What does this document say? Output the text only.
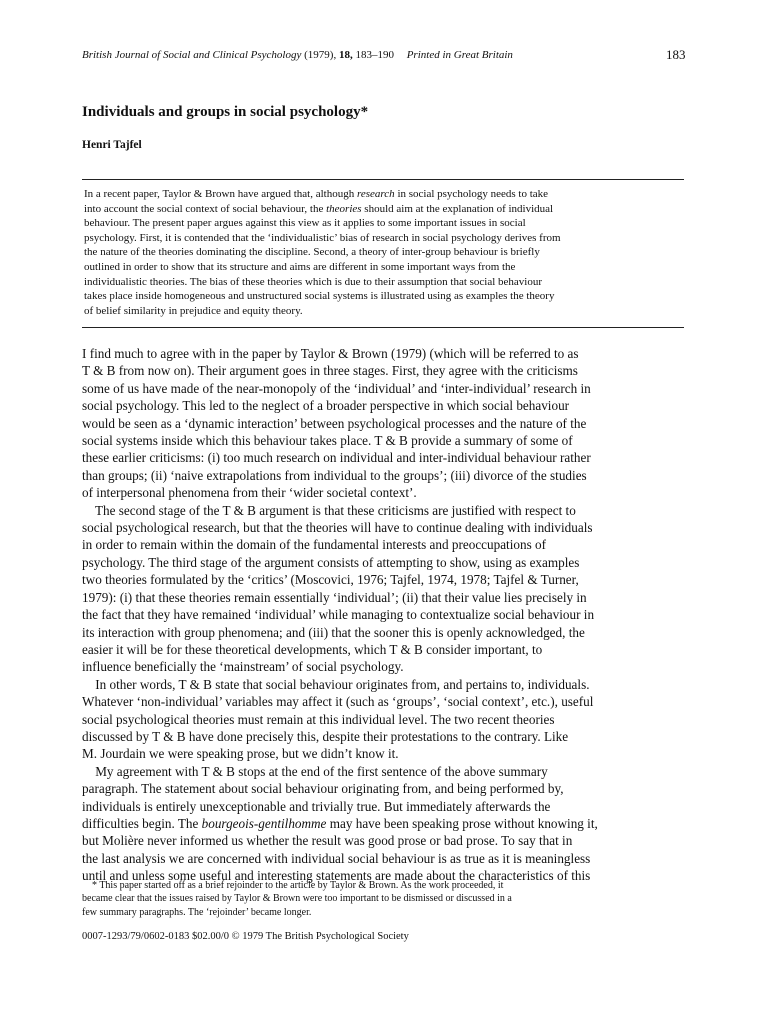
British Journal of Social and Clinical Psychology (1979), 18, 183–190 Printed in Great Britain	183
Individuals and groups in social psychology*
Henri Tajfel
In a recent paper, Taylor & Brown have argued that, although research in social psychology needs to take
into account the social context of social behaviour, the theories should aim at the explanation of individual
behaviour. The present paper argues against this view as it applies to some important issues in social
psychology. First, it is contended that the ‘individualistic’ bias of research in social psychology derives from
the nature of the theories dominating the discipline. Second, a theory of inter-group behaviour is briefly
outlined in order to show that its structure and aims are different in some important ways from the
individualistic theories. The bias of these theories which is due to their assumption that social behaviour
takes place inside homogeneous and unstructured social systems is illustrated using as examples the theory
of belief similarity in prejudice and equity theory.
I find much to agree with in the paper by Taylor & Brown (1979) (which will be referred to as
T & B from now on). Their argument goes in three stages. First, they agree with the criticisms
some of us have made of the near-monopoly of the ‘individual’ and ‘inter-individual’ research in
social psychology. This led to the neglect of a broader perspective in which social behaviour
would be seen as a ‘dynamic interaction’ between psychological processes and the nature of the
social systems inside which this behaviour takes place. T & B provide a summary of some of
these earlier criticisms: (i) too much research on individual and inter-individual behaviour rather
than groups; (ii) ‘naive extrapolations from individual to the groups’; (iii) divorce of the studies
of interpersonal phenomena from their ‘wider societal context’.
The second stage of the T & B argument is that these criticisms are justified with respect to
social psychological research, but that the theories will have to continue dealing with individuals
in order to remain within the domain of the fundamental interests and preoccupations of
psychology. The third stage of the argument consists of attempting to show, using as examples
two theories formulated by the ‘critics’ (Moscovici, 1976; Tajfel, 1974, 1978; Tajfel & Turner,
1979): (i) that these theories remain essentially ‘individual’; (ii) that their value lies precisely in
the fact that they have remained ‘individual’ while managing to contextualize social behaviour in
its interaction with group phenomena; and (iii) that the sooner this is openly acknowledged, the
easier it will be for these theoretical developments, which T & B consider important, to
influence beneficially the ‘mainstream’ of social psychology.
In other words, T & B state that social behaviour originates from, and pertains to, individuals.
Whatever ‘non-individual’ variables may affect it (such as ‘groups’, ‘social context’, etc.), useful
social psychological theories must remain at this individual level. The two recent theories
discussed by T & B have done precisely this, despite their protestations to the contrary. Like
M. Jourdain we were speaking prose, but we didn’t know it.
My agreement with T & B stops at the end of the first sentence of the above summary
paragraph. The statement about social behaviour originating from, and being performed by,
individuals is entirely unexceptionable and trivially true. But immediately afterwards the
difficulties begin. The bourgeois-gentilhomme may have been speaking prose without knowing it,
but Molière never informed us whether the result was good prose or bad prose. To say that in
the last analysis we are concerned with individual social behaviour is as true as it is meaningless
until and unless some useful and interesting statements are made about the characteristics of this
* This paper started off as a brief rejoinder to the article by Taylor & Brown. As the work proceeded, it
became clear that the issues raised by Taylor & Brown were too important to be dismissed or discussed in a
few summary paragraphs. The ‘rejoinder’ became longer.
0007-1293/79/0602-0183 $02.00/0 © 1979 The British Psychological Society
